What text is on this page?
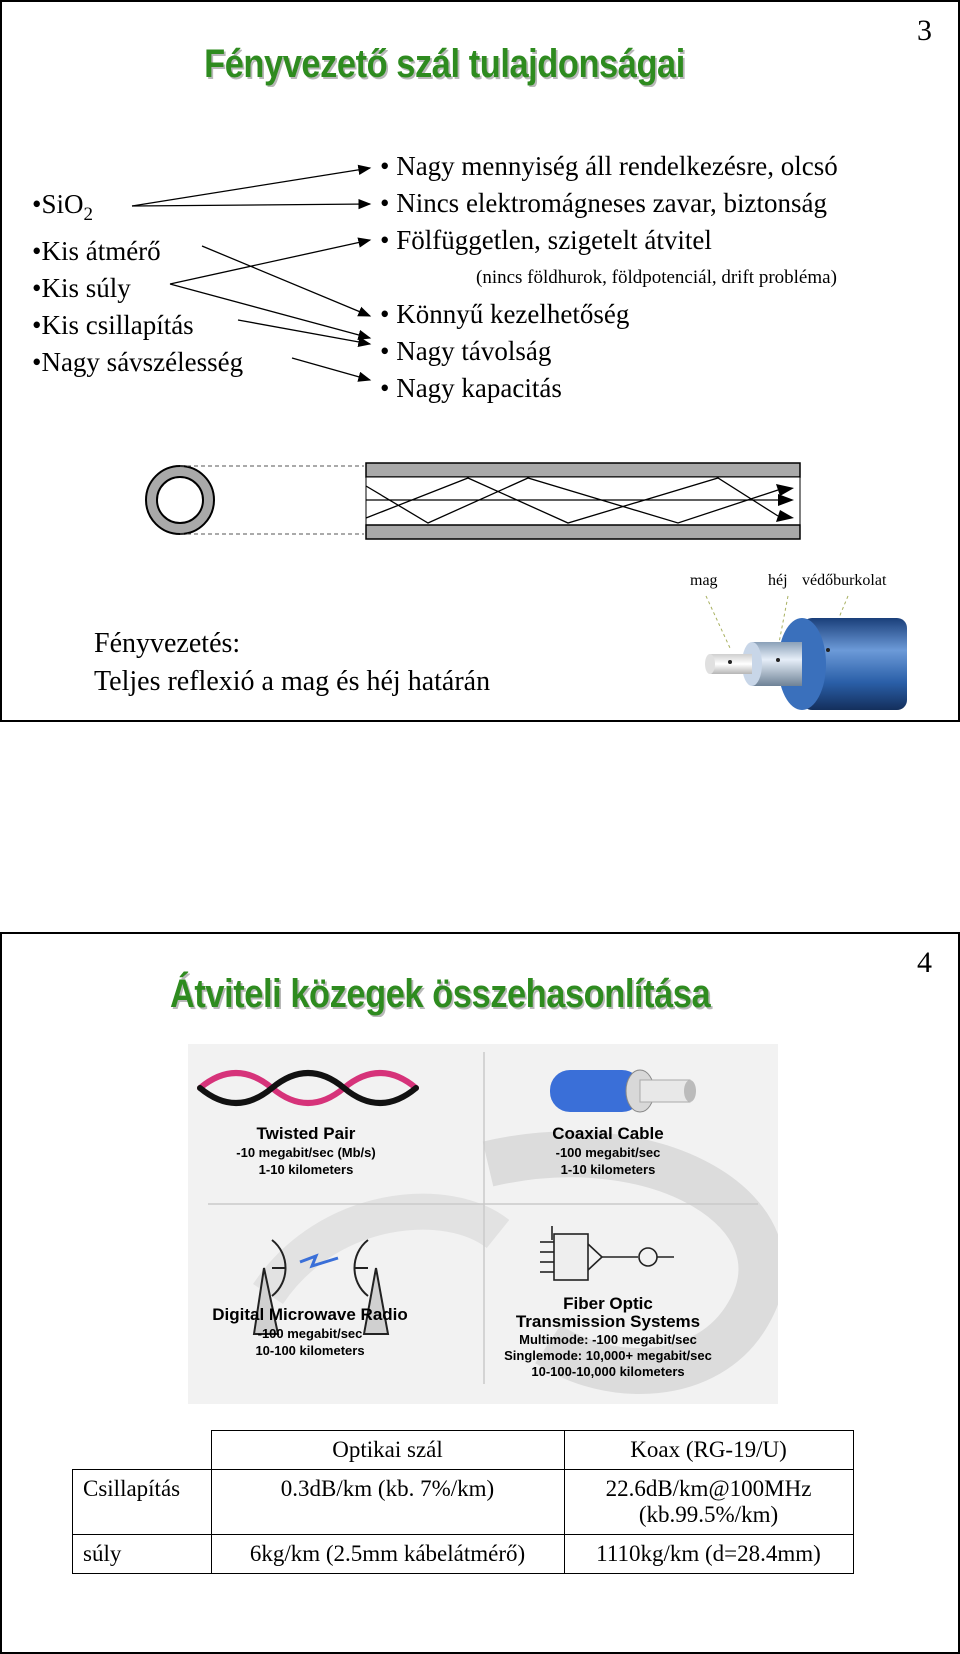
3
Fényvezető szál tulajdonságai
•SiO$_2$
•Kis átmérő
•Kis súly
•Kis csillapítás
•Nagy sávszélesség
• Nagy mennyiség áll rendelkezésre, olcsó
• Nincs elektromágneses zavar, biztonság
• Fölfüggetlen, szigetelt átvitel
(nincs földhurok, földpotenciál, drift probléma)
• Könnyű kezelhetőség
• Nagy távolság
• Nagy kapacitás
mag	héj védőburkolat
Fényvezetés:
Teljes reflexió a mag és héj határán
4
Átviteli közegek összehasonlítása
Twisted Pair
-10 megabit/sec (Mb/s)
1-10 kilometers
Coaxial Cable
-100 megabit/sec
1-10 kilometers
Digital Microwave Radio
-100 megabit/sec
10-100 kilometers
Fiber Optic
Transmission Systems
Multimode: -100 megabit/sec
Singlemode: 10,000+ megabit/sec
10-100-10,000 kilometers
	Optikai szál	Koax (RG-19/U)
Csillapítás	0.3dB/km (kb. 7%/km)	22.6dB/km@100MHz
(kb.99.5%/km)

súly	6kg/km (2.5mm kábelátmérő)	1110kg/km (d=28.4mm)
